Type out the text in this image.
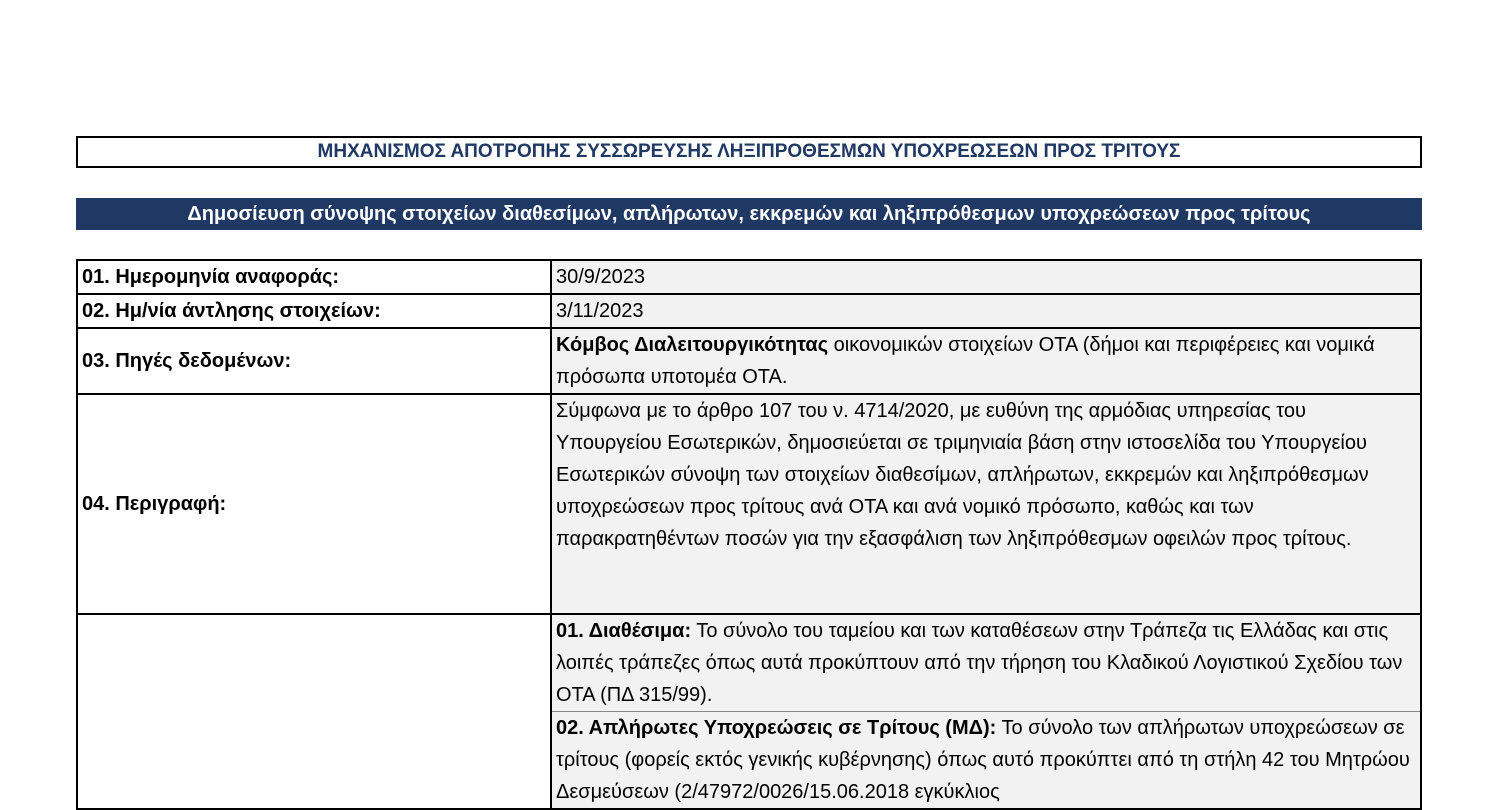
ΜΗΧΑΝΙΣΜΟΣ ΑΠΟΤΡΟΠΗΣ ΣΥΣΣΩΡΕΥΣΗΣ ΛΗΞΙΠΡΟΘΕΣΜΩΝ ΥΠΟΧΡΕΩΣΕΩΝ ΠΡΟΣ ΤΡΙΤΟΥΣ
Δημοσίευση σύνοψης στοιχείων διαθεσίμων, απλήρωτων, εκκρεμών και ληξιπρόθεσμων υποχρεώσεων προς τρίτους
01. Ημερομηνία αναφοράς:	30/9/2023
02. Ημ/νία άντλησης στοιχείων:	3/11/2023
03. Πηγές δεδομένων:	Κόμβος Διαλειτουργικότητας οικονομικών στοιχείων ΟΤΑ (δήμοι και περιφέρειες και νομικά πρόσωπα υποτομέα ΟΤΑ.
04. Περιγραφή:	Σύμφωνα με το άρθρο 107 του ν. 4714/2020, με ευθύνη της αρμόδιας υπηρεσίας του Υπουργείου Εσωτερικών, δημοσιεύεται σε τριμηνιαία βάση στην ιστοσελίδα του Υπουργείου Εσωτερικών σύνοψη των στοιχείων διαθεσίμων, απλήρωτων, εκκρεμών και ληξιπρόθεσμων υποχρεώσεων προς τρίτους ανά ΟΤΑ και ανά νομικό πρόσωπο, καθώς και των παρακρατηθέντων ποσών για την εξασφάλιση των ληξιπρόθεσμων οφειλών προς τρίτους.

	01. Διαθέσιμα: Το σύνολο του ταμείου και των καταθέσεων στην Τράπεζα τις Ελλάδας και στις λοιπές τράπεζες όπως αυτά προκύπτουν από την τήρηση του Κλαδικού Λογιστικού Σχεδίου των ΟΤΑ (ΠΔ 315/99).
02. Απλήρωτες Υποχρεώσεις σε Τρίτους (ΜΔ): Το σύνολο των απλήρωτων υποχρεώσεων σε τρίτους (φορείς εκτός γενικής κυβέρνησης) όπως αυτό προκύπτει από τη στήλη 42 του Μητρώου Δεσμεύσεων (2/47972/0026/15.06.2018 εγκύκλιος
